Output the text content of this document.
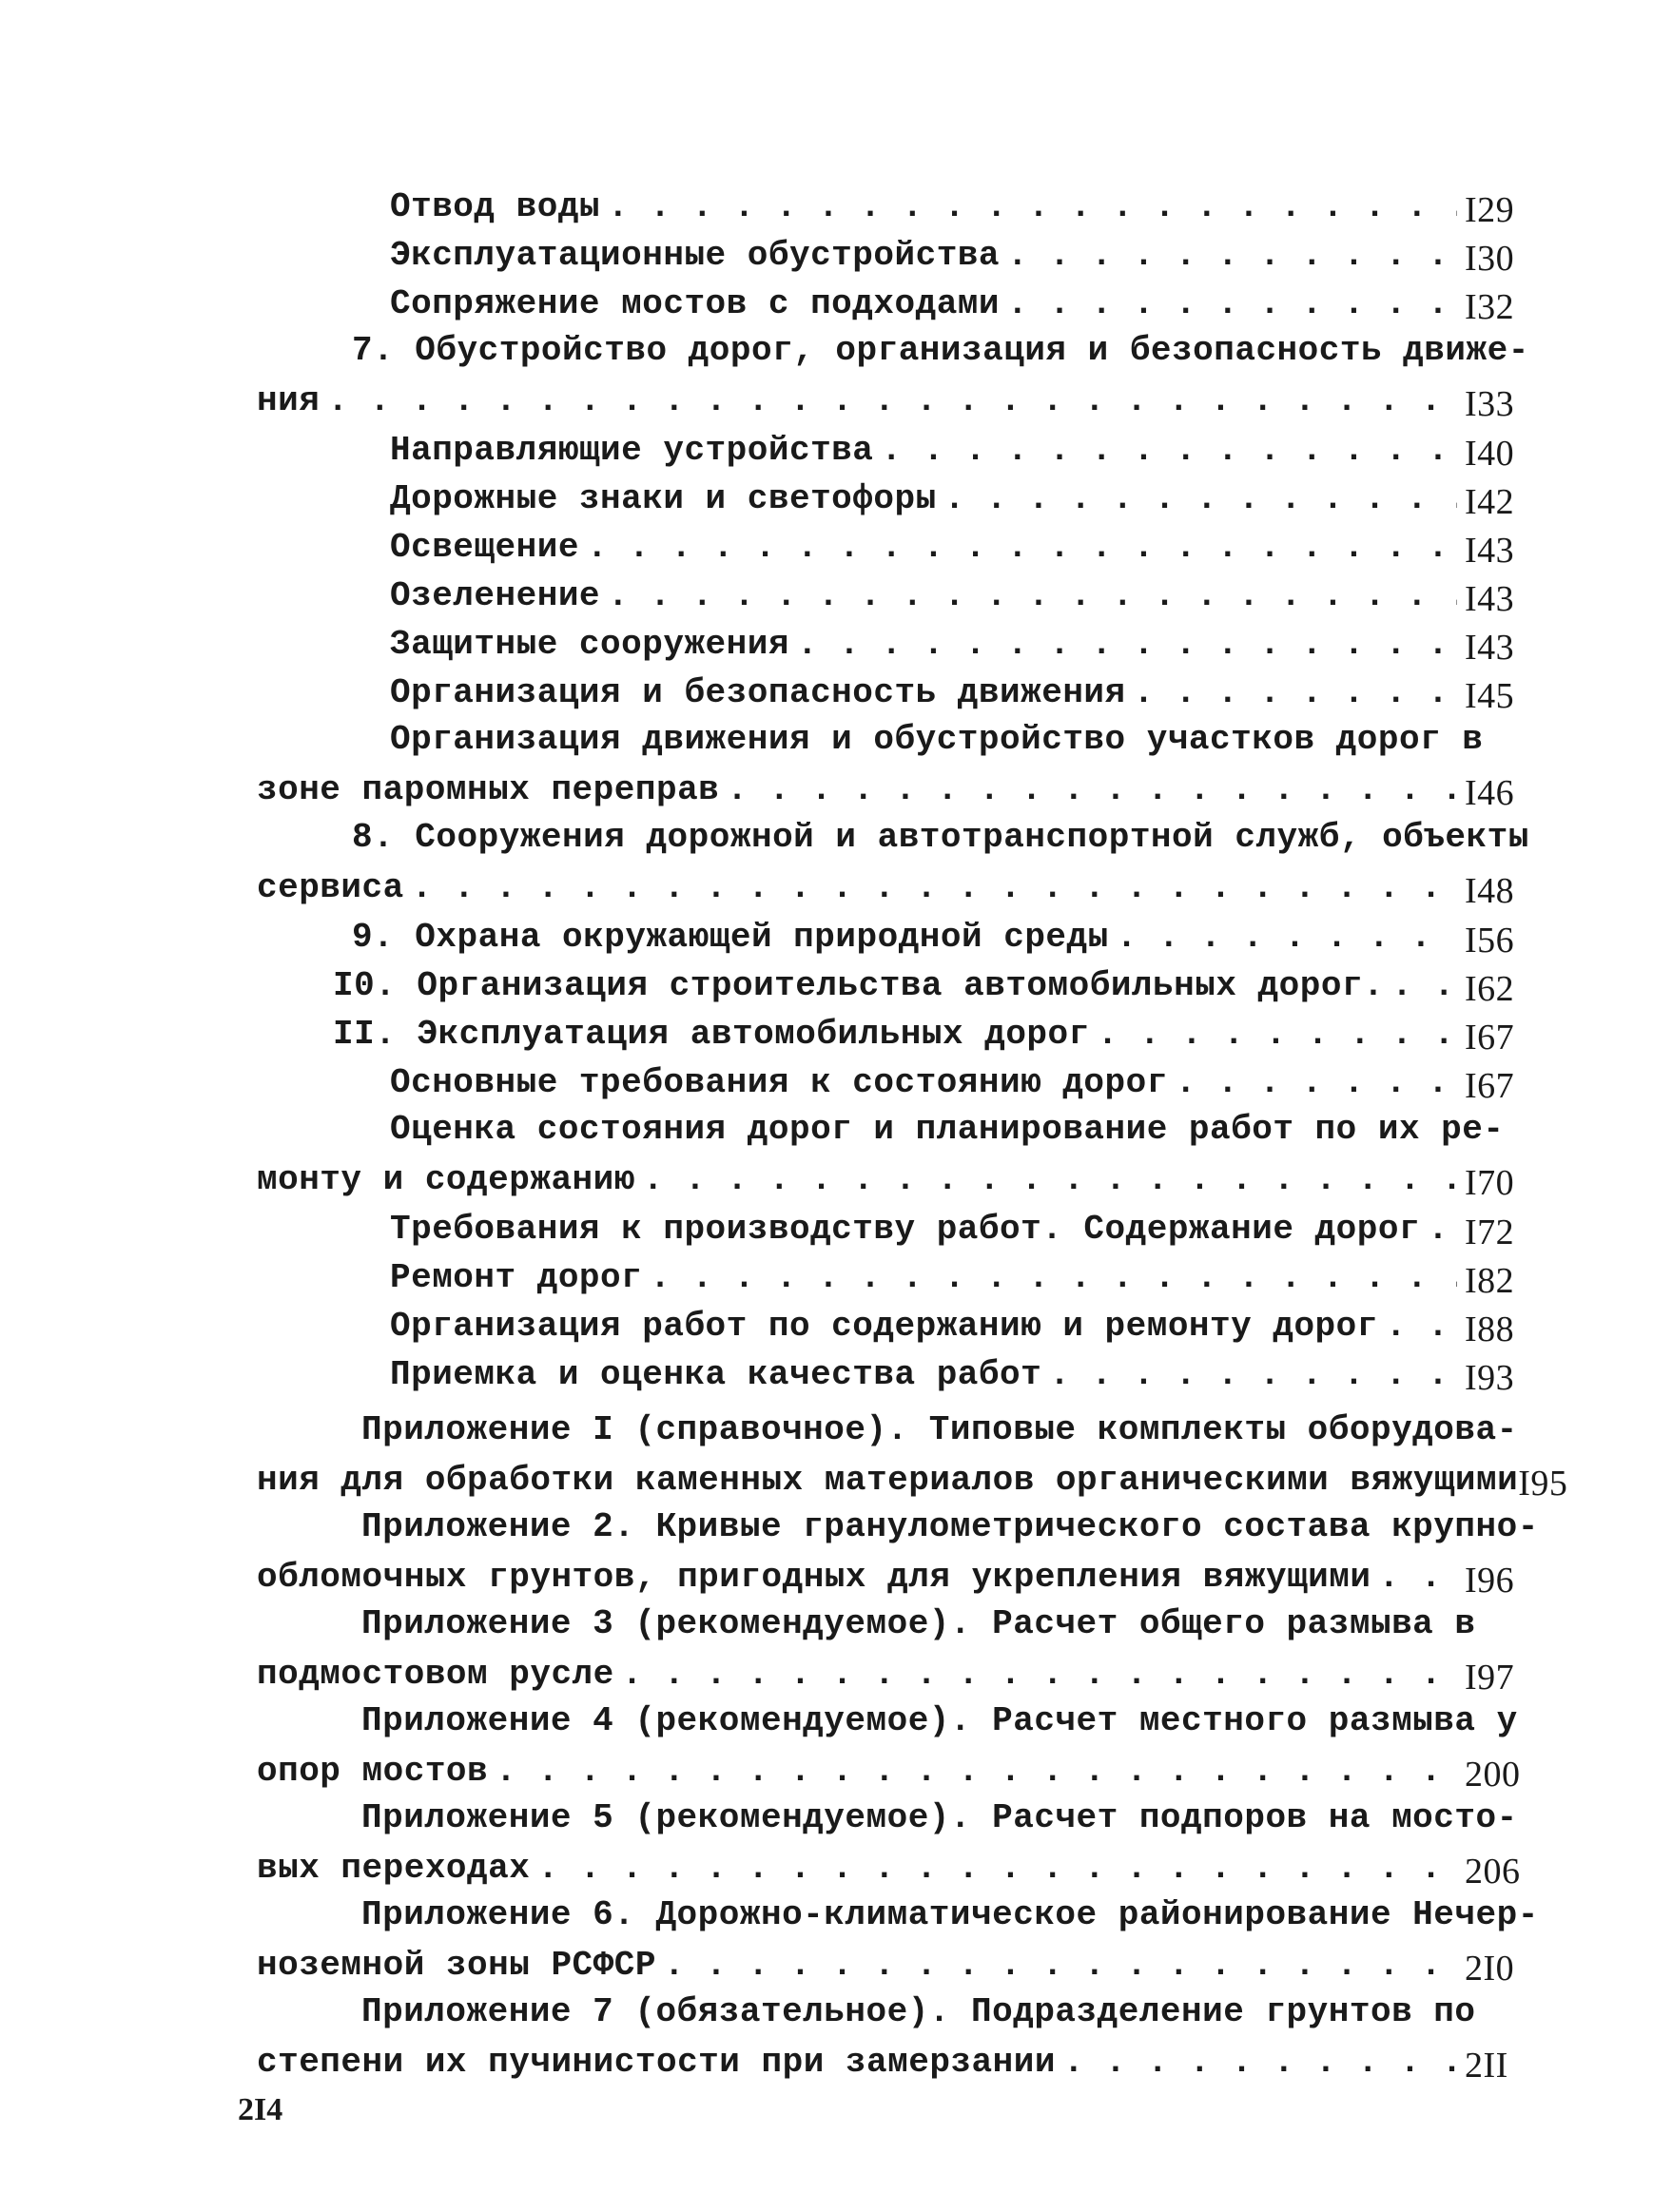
Отвод воды . . .	I29
Эксплуатационные обустройства . . .	I30
Сопряжение мостов с подходами . . .	I32
7. Обустройство дорог, организация и безопасность движе-
ния . . .	I33
Направляющие устройства . . .	I40
Дорожные знаки и светофоры . . .	I42
Освещение . . .	I43
Озеленение . . .	I43
Защитные сооружения . . .	I43
Организация и безопасность движения . . .	I45
Организация движения и обустройство участков дорог в
зоне паромных переправ . . .	I46
8. Сооружения дорожной и автотранспортной служб, объекты
сервиса . . .	I48
9. Охрана окружающей природной среды . . .	I56
I0. Организация строительства автомобильных дорог. . . . I62
II. Эксплуатация автомобильных дорог . . .	I67
Основные требования к состоянию дорог . . .	I67
Оценка состояния дорог и планирование работ по их ре-
монту и содержанию . . .	I70
Требования к производству работ. Содержание дорог . . . I72
Ремонт дорог . . .	I82
Организация работ по содержанию и ремонту дорог . . . I88
Приемка и оценка качества работ . . .	I93
Приложение I (справочное). Типовые комплекты оборудова-
ния для обработки каменных материалов органическими вяжущими I95
Приложение 2. Кривые гранулометрического состава крупно-
обломочных грунтов, пригодных для укрепления вяжущими . . .	I96
Приложение 3 (рекомендуемое). Расчет общего размыва в
подмостовом русле . . .	I97
Приложение 4 (рекомендуемое). Расчет местного размыва у
опор мостов . . .	200
Приложение 5 (рекомендуемое). Расчет подпоров на мосто-
вых переходах . . .	206
Приложение 6. Дорожно-климатическое районирование Нечер-
ноземной зоны РСФСР . . .	2I0
Приложение 7 (обязательное). Подразделение грунтов по
степени их пучинистости при замерзании . . .	2II
2I4
